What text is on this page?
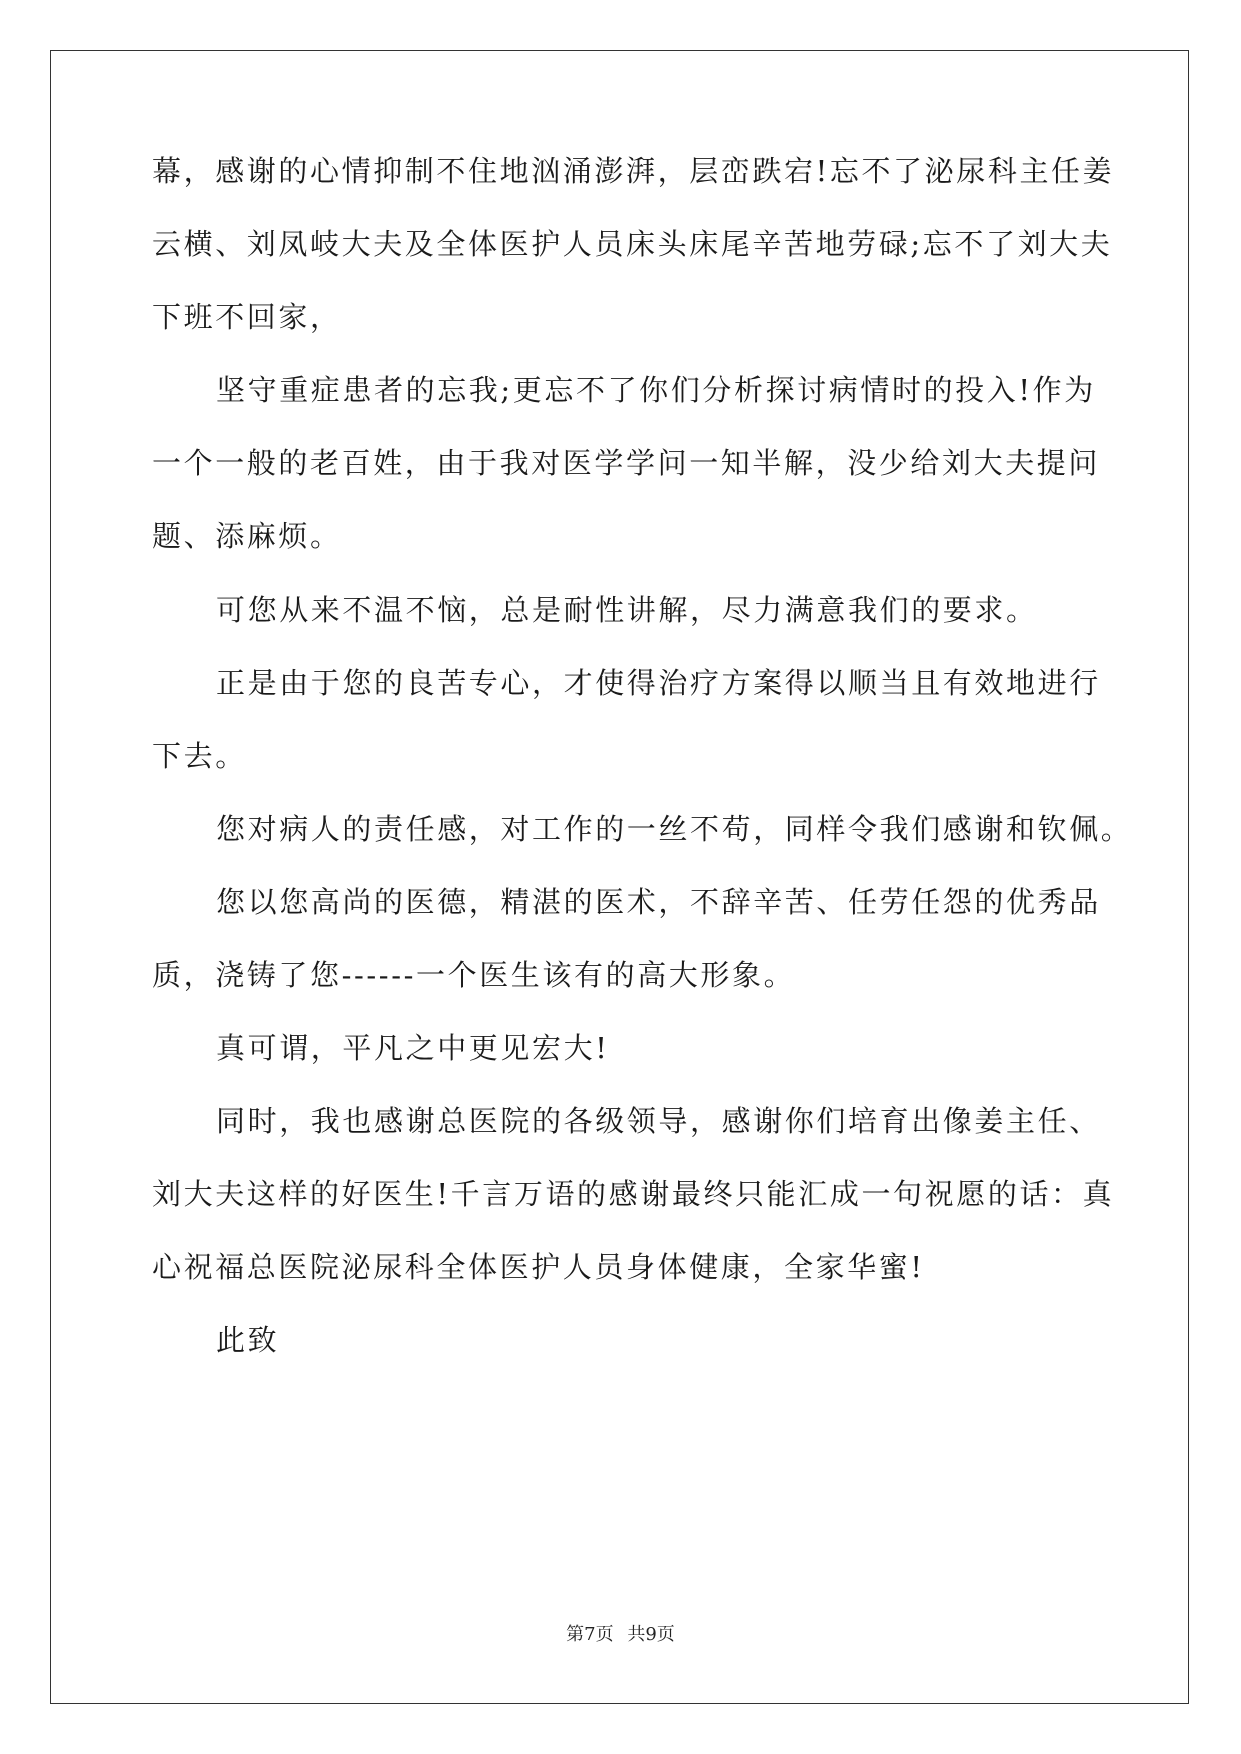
幕，感谢的心情抑制不住地汹涌澎湃，层峦跌宕!忘不了泌尿科主任姜
云横、刘凤岐大夫及全体医护人员床头床尾辛苦地劳碌;忘不了刘大夫
下班不回家，
坚守重症患者的忘我;更忘不了你们分析探讨病情时的投入!作为
一个一般的老百姓，由于我对医学学问一知半解，没少给刘大夫提问
题、添麻烦。
可您从来不温不恼，总是耐性讲解，尽力满意我们的要求。
正是由于您的良苦专心，才使得治疗方案得以顺当且有效地进行
下去。
您对病人的责任感，对工作的一丝不苟，同样令我们感谢和钦佩。
您以您高尚的医德，精湛的医术，不辞辛苦、任劳任怨的优秀品
质，浇铸了您------一个医生该有的高大形象。
真可谓，平凡之中更见宏大!
同时，我也感谢总医院的各级领导，感谢你们培育出像姜主任、
刘大夫这样的好医生!千言万语的感谢最终只能汇成一句祝愿的话：真
心祝福总医院泌尿科全体医护人员身体健康，全家华蜜!
此致
第7页 共9页
